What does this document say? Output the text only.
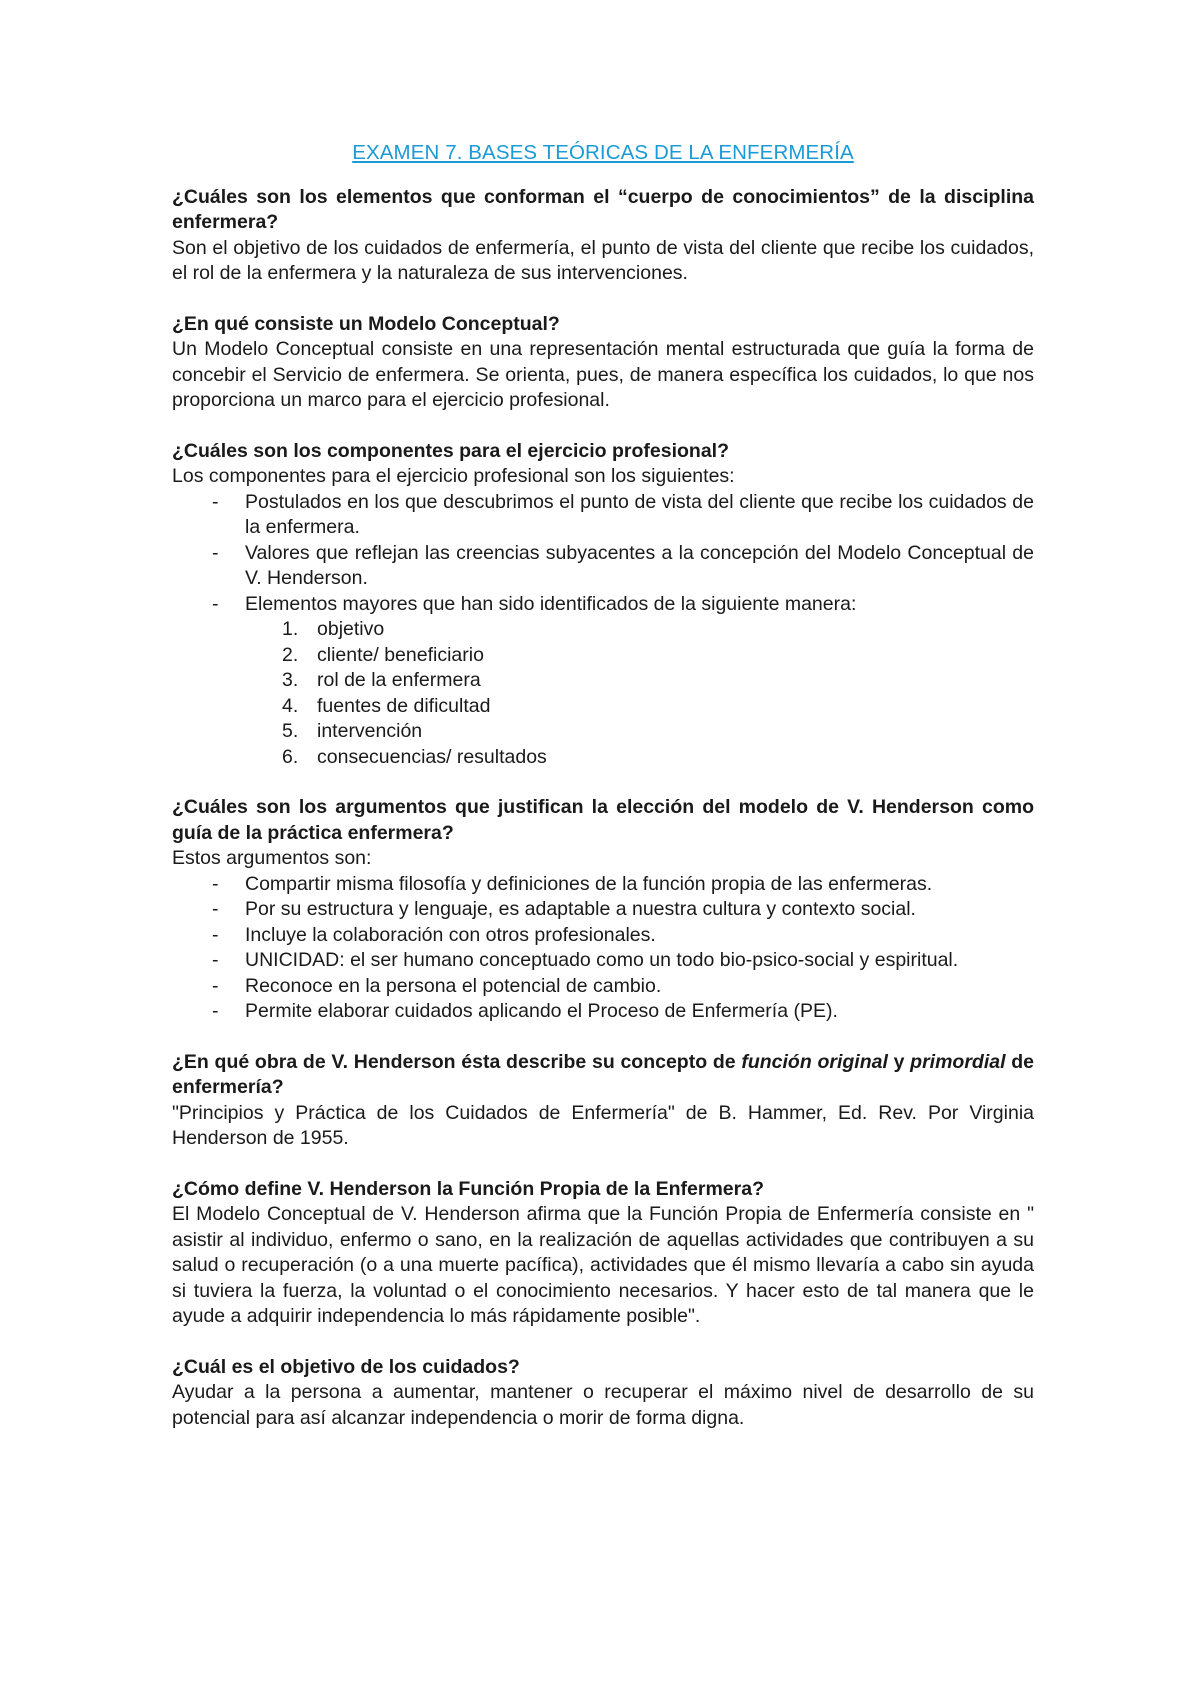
EXAMEN 7. BASES TEÓRICAS DE LA ENFERMERÍA

¿Cuáles son los elementos que conforman el “cuerpo de conocimientos” de la disciplina enfermera?

Son el objetivo de los cuidados de enfermería, el punto de vista del cliente que recibe los cuidados, el rol de la enfermera y la naturaleza de sus intervenciones.

¿En qué consiste un Modelo Conceptual?

Un Modelo Conceptual consiste en una representación mental estructurada que guía la forma de concebir el Servicio de enfermera. Se orienta, pues, de manera específica los cuidados, lo que nos proporciona un marco para el ejercicio profesional.

¿Cuáles son los componentes para el ejercicio profesional?

Los componentes para el ejercicio profesional son los siguientes:

- Postulados en los que descubrimos el punto de vista del cliente que recibe los cuidados de la enfermera.
- Valores que reflejan las creencias subyacentes a la concepción del Modelo Conceptual de V. Henderson.
- Elementos mayores que han sido identificados de la siguiente manera:
1. objetivo
2. cliente/ beneficiario
3. rol de la enfermera
4. fuentes de dificultad
5. intervención
6. consecuencias/ resultados

¿Cuáles son los argumentos que justifican la elección del modelo de V. Henderson como guía de la práctica enfermera?

Estos argumentos son:

- Compartir misma filosofía y definiciones de la función propia de las enfermeras.
- Por su estructura y lenguaje, es adaptable a nuestra cultura y contexto social.
- Incluye la colaboración con otros profesionales.
- UNICIDAD: el ser humano conceptuado como un todo bio-psico-social y espiritual.
- Reconoce en la persona el potencial de cambio.
- Permite elaborar cuidados aplicando el Proceso de Enfermería (PE).

¿En qué obra de V. Henderson ésta describe su concepto de función original y primordial de enfermería?

"Principios y Práctica de los Cuidados de Enfermería" de B. Hammer, Ed. Rev. Por Virginia Henderson de 1955.

¿Cómo define V. Henderson la Función Propia de la Enfermera?

El Modelo Conceptual de V. Henderson afirma que la Función Propia de Enfermería consiste en " asistir al individuo, enfermo o sano, en la realización de aquellas actividades que contribuyen a su salud o recuperación (o a una muerte pacífica), actividades que él mismo llevaría a cabo sin ayuda si tuviera la fuerza, la voluntad o el conocimiento necesarios. Y hacer esto de tal manera que le ayude a adquirir independencia lo más rápidamente posible".

¿Cuál es el objetivo de los cuidados?

Ayudar a la persona a aumentar, mantener o recuperar el máximo nivel de desarrollo de su potencial para así alcanzar independencia o morir de forma digna.
